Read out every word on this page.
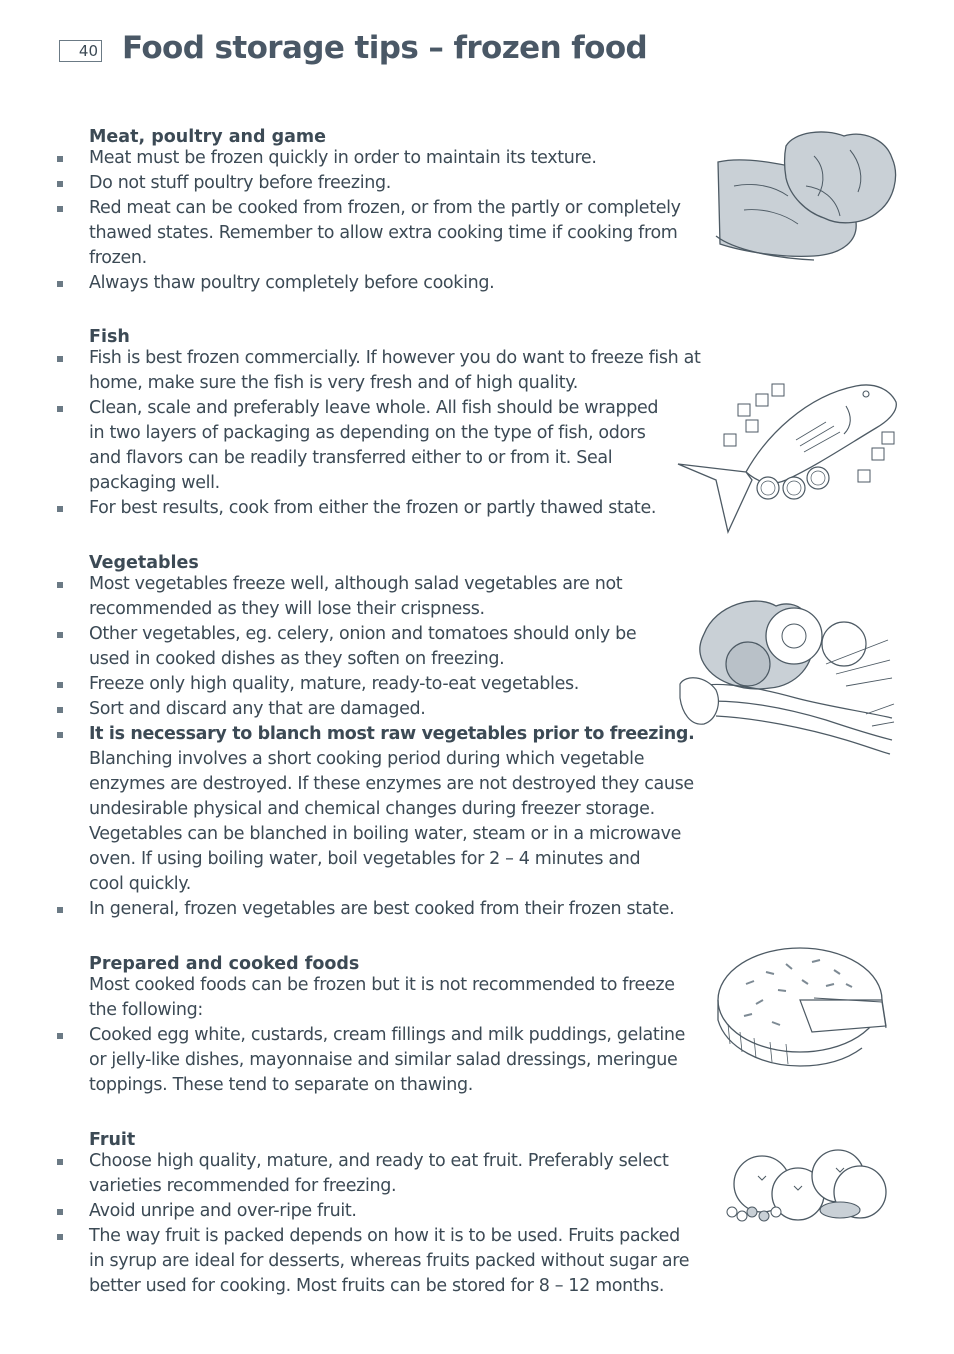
40 Food storage tips – frozen food
Meat, poultry and game
Meat must be frozen quickly in order to maintain its texture.
Do not stuff poultry before freezing.
Red meat can be cooked from frozen, or from the partly or completely
thawed states. Remember to allow extra cooking time if cooking from
frozen.
Always thaw poultry completely before cooking.
Fish
Fish is best frozen commercially. If however you do want to freeze fish at
home, make sure the fish is very fresh and of high quality.
Clean, scale and preferably leave whole. All fish should be wrapped
in two layers of packaging as depending on the type of fish, odors
and flavors can be readily transferred either to or from it. Seal
packaging well.
For best results, cook from either the frozen or partly thawed state.
Vegetables
Most vegetables freeze well, although salad vegetables are not
recommended as they will lose their crispness.
Other vegetables, eg. celery, onion and tomatoes should only be
used in cooked dishes as they soften on freezing.
Freeze only high quality, mature, ready-to-eat vegetables.
Sort and discard any that are damaged.
It is necessary to blanch most raw vegetables prior to freezing.
Blanching involves a short cooking period during which vegetable
enzymes are destroyed. If these enzymes are not destroyed they cause
undesirable physical and chemical changes during freezer storage.
Vegetables can be blanched in boiling water, steam or in a microwave
oven. If using boiling water, boil vegetables for 2 – 4 minutes and
cool quickly.
In general, frozen vegetables are best cooked from their frozen state.
Prepared and cooked foods
Most cooked foods can be frozen but it is not recommended to freeze
the following:
Cooked egg white, custards, cream fillings and milk puddings, gelatine
or jelly-like dishes, mayonnaise and similar salad dressings, meringue
toppings. These tend to separate on thawing.
Fruit
Choose high quality, mature, and ready to eat fruit. Preferably select
varieties recommended for freezing.
Avoid unripe and over-ripe fruit.
The way fruit is packed depends on how it is to be used. Fruits packed
in syrup are ideal for desserts, whereas fruits packed without sugar are
better used for cooking. Most fruits can be stored for 8 – 12 months.
